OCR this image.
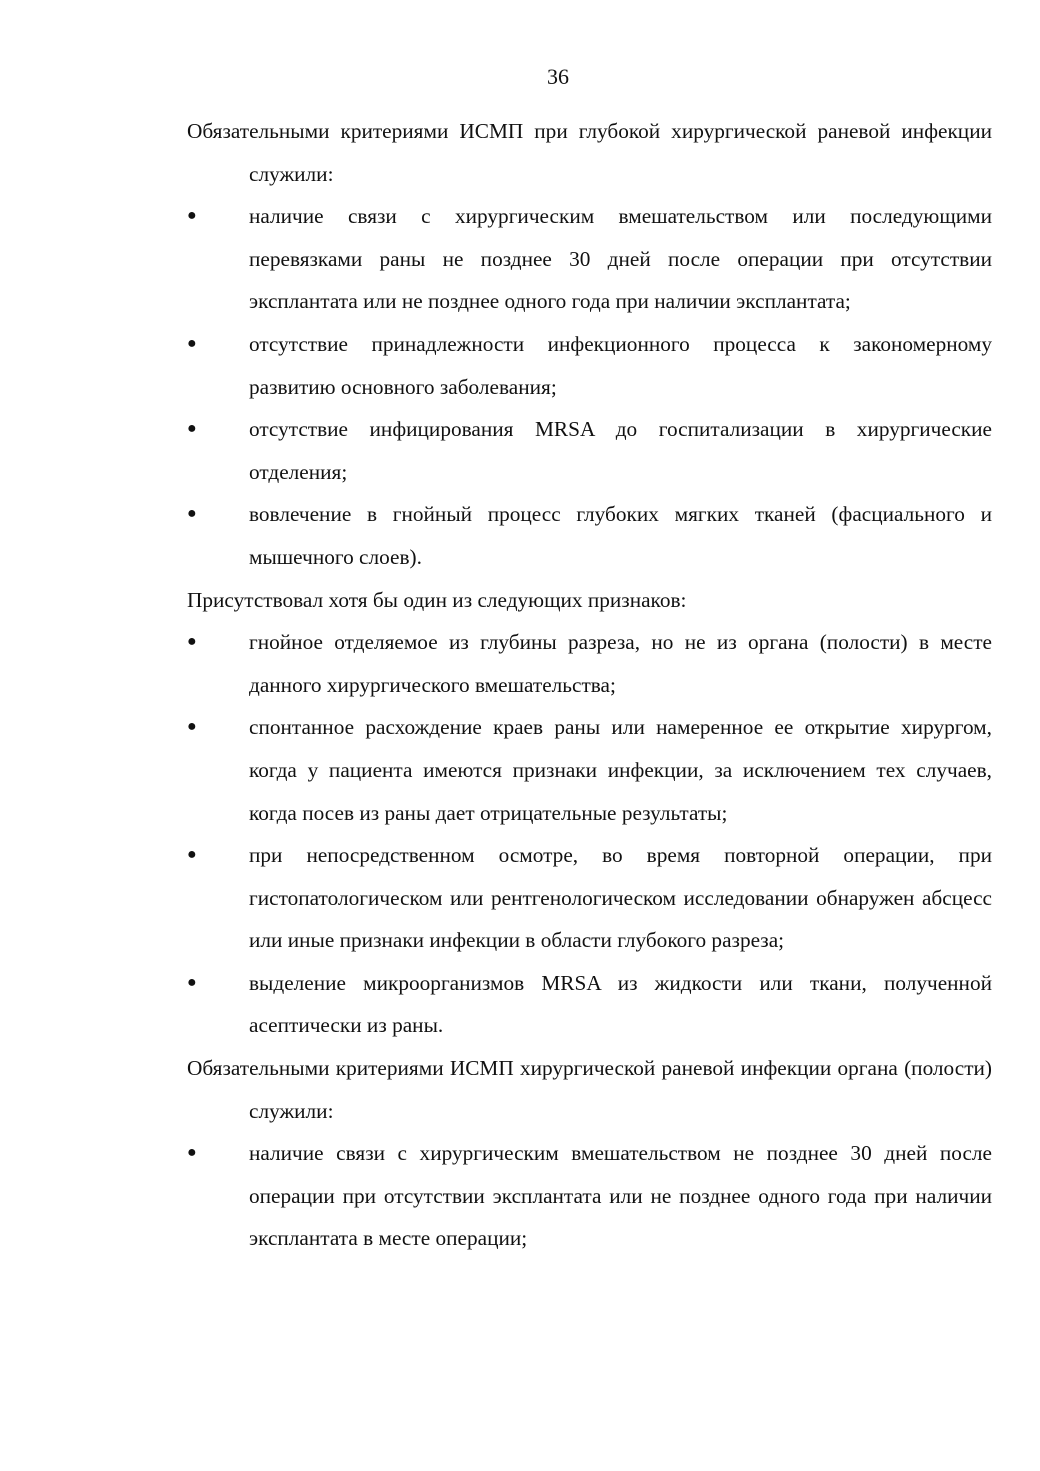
36

Обязательными критериями ИСМП при глубокой хирургической раневой инфекции служили:

● наличие связи с хирургическим вмешательством или последующими перевязками раны не позднее 30 дней после операции при отсутствии эксплантата или не позднее одного года при наличии эксплантата;
● отсутствие принадлежности инфекционного процесса к закономерному развитию основного заболевания;
● отсутствие инфицирования MRSA до госпитализации в хирургические отделения;
● вовлечение в гнойный процесс глубоких мягких тканей (фасциального и мышечного слоев).

Присутствовал хотя бы один из следующих признаков:

● гнойное отделяемое из глубины разреза, но не из органа (полости) в месте данного хирургического вмешательства;
● спонтанное расхождение краев раны или намеренное ее открытие хирургом, когда у пациента имеются признаки инфекции, за исключением тех случаев, когда посев из раны дает отрицательные результаты;
● при непосредственном осмотре, во время повторной операции, при гистопатологическом или рентгенологическом исследовании обнаружен абсцесс или иные признаки инфекции в области глубокого разреза;
● выделение микроорганизмов MRSA из жидкости или ткани, полученной асептически из раны.

Обязательными критериями ИСМП хирургической раневой инфекции органа (полости) служили:

● наличие связи с хирургическим вмешательством не позднее 30 дней после операции при отсутствии эксплантата или не позднее одного года при наличии эксплантата в месте операции;
